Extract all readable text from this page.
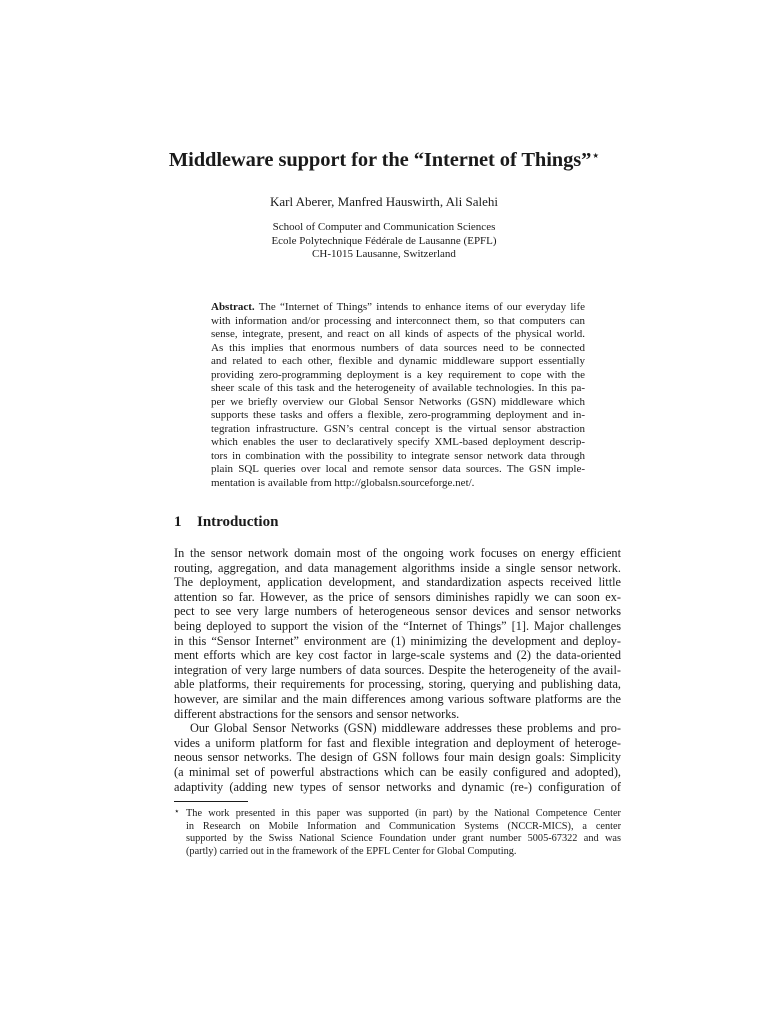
Middleware support for the “Internet of Things”⋆
Karl Aberer, Manfred Hauswirth, Ali Salehi
School of Computer and Communication Sciences
Ecole Polytechnique Fédérale de Lausanne (EPFL)
CH-1015 Lausanne, Switzerland
Abstract. The “Internet of Things” intends to enhance items of our everyday life
with information and/or processing and interconnect them, so that computers can
sense, integrate, present, and react on all kinds of aspects of the physical world.
As this implies that enormous numbers of data sources need to be connected
and related to each other, flexible and dynamic middleware support essentially
providing zero-programming deployment is a key requirement to cope with the
sheer scale of this task and the heterogeneity of available technologies. In this pa-
per we briefly overview our Global Sensor Networks (GSN) middleware which
supports these tasks and offers a flexible, zero-programming deployment and in-
tegration infrastructure. GSN’s central concept is the virtual sensor abstraction
which enables the user to declaratively specify XML-based deployment descrip-
tors in combination with the possibility to integrate sensor network data through
plain SQL queries over local and remote sensor data sources. The GSN imple-
mentation is available from http://globalsn.sourceforge.net/.
1 Introduction
In the sensor network domain most of the ongoing work focuses on energy efficient
routing, aggregation, and data management algorithms inside a single sensor network.
The deployment, application development, and standardization aspects received little
attention so far. However, as the price of sensors diminishes rapidly we can soon ex-
pect to see very large numbers of heterogeneous sensor devices and sensor networks
being deployed to support the vision of the “Internet of Things” [1]. Major challenges
in this “Sensor Internet” environment are (1) minimizing the development and deploy-
ment efforts which are key cost factor in large-scale systems and (2) the data-oriented
integration of very large numbers of data sources. Despite the heterogeneity of the avail-
able platforms, their requirements for processing, storing, querying and publishing data,
however, are similar and the main differences among various software platforms are the
different abstractions for the sensors and sensor networks.
Our Global Sensor Networks (GSN) middleware addresses these problems and pro-
vides a uniform platform for fast and flexible integration and deployment of heteroge-
neous sensor networks. The design of GSN follows four main design goals: Simplicity
(a minimal set of powerful abstractions which can be easily configured and adopted),
adaptivity (adding new types of sensor networks and dynamic (re-) configuration of
⋆ The work presented in this paper was supported (in part) by the National Competence Center
in Research on Mobile Information and Communication Systems (NCCR-MICS), a center
supported by the Swiss National Science Foundation under grant number 5005-67322 and was
(partly) carried out in the framework of the EPFL Center for Global Computing.
